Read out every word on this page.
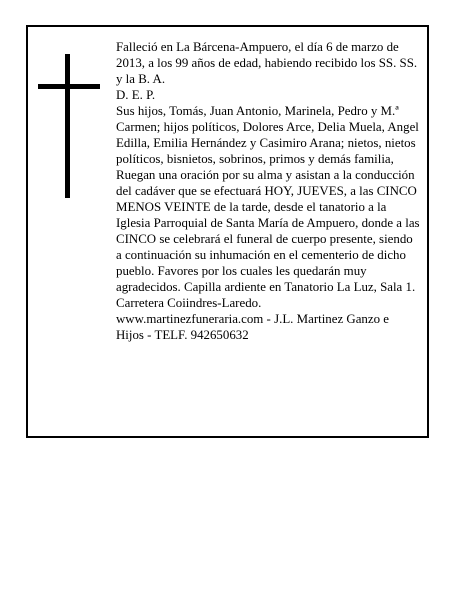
Falleció en La Bárcena-Ampuero, el día 6 de marzo de 2013, a los 99 años de edad, habiendo recibido los SS. SS. y la B. A.

D. E. P.

Sus hijos, Tomás, Juan Antonio, Marinela, Pedro y M.ª Carmen; hijos políticos, Dolores Arce, Delia Muela, Angel Edilla, Emilia Hernández y Casimiro Arana; nietos, nietos políticos, bisnietos, sobrinos, primos y demás familia,

Ruegan una oración por su alma y asistan a la conducción del cadáver que se efectuará HOY, JUEVES, a las CINCO MENOS VEINTE de la tarde, desde el tanatorio a la Iglesia Parroquial de Santa María de Ampuero, donde a las CINCO se celebrará el funeral de cuerpo presente, siendo a continuación su inhumación en el cementerio de dicho pueblo. Favores por los cuales les quedarán muy agradecidos. Capilla ardiente en Tanatorio La Luz, Sala 1. Carretera Coiindres-Laredo.

www.martinezfuneraria.com - J.L. Martinez Ganzo e Hijos - TELF. 942650632
